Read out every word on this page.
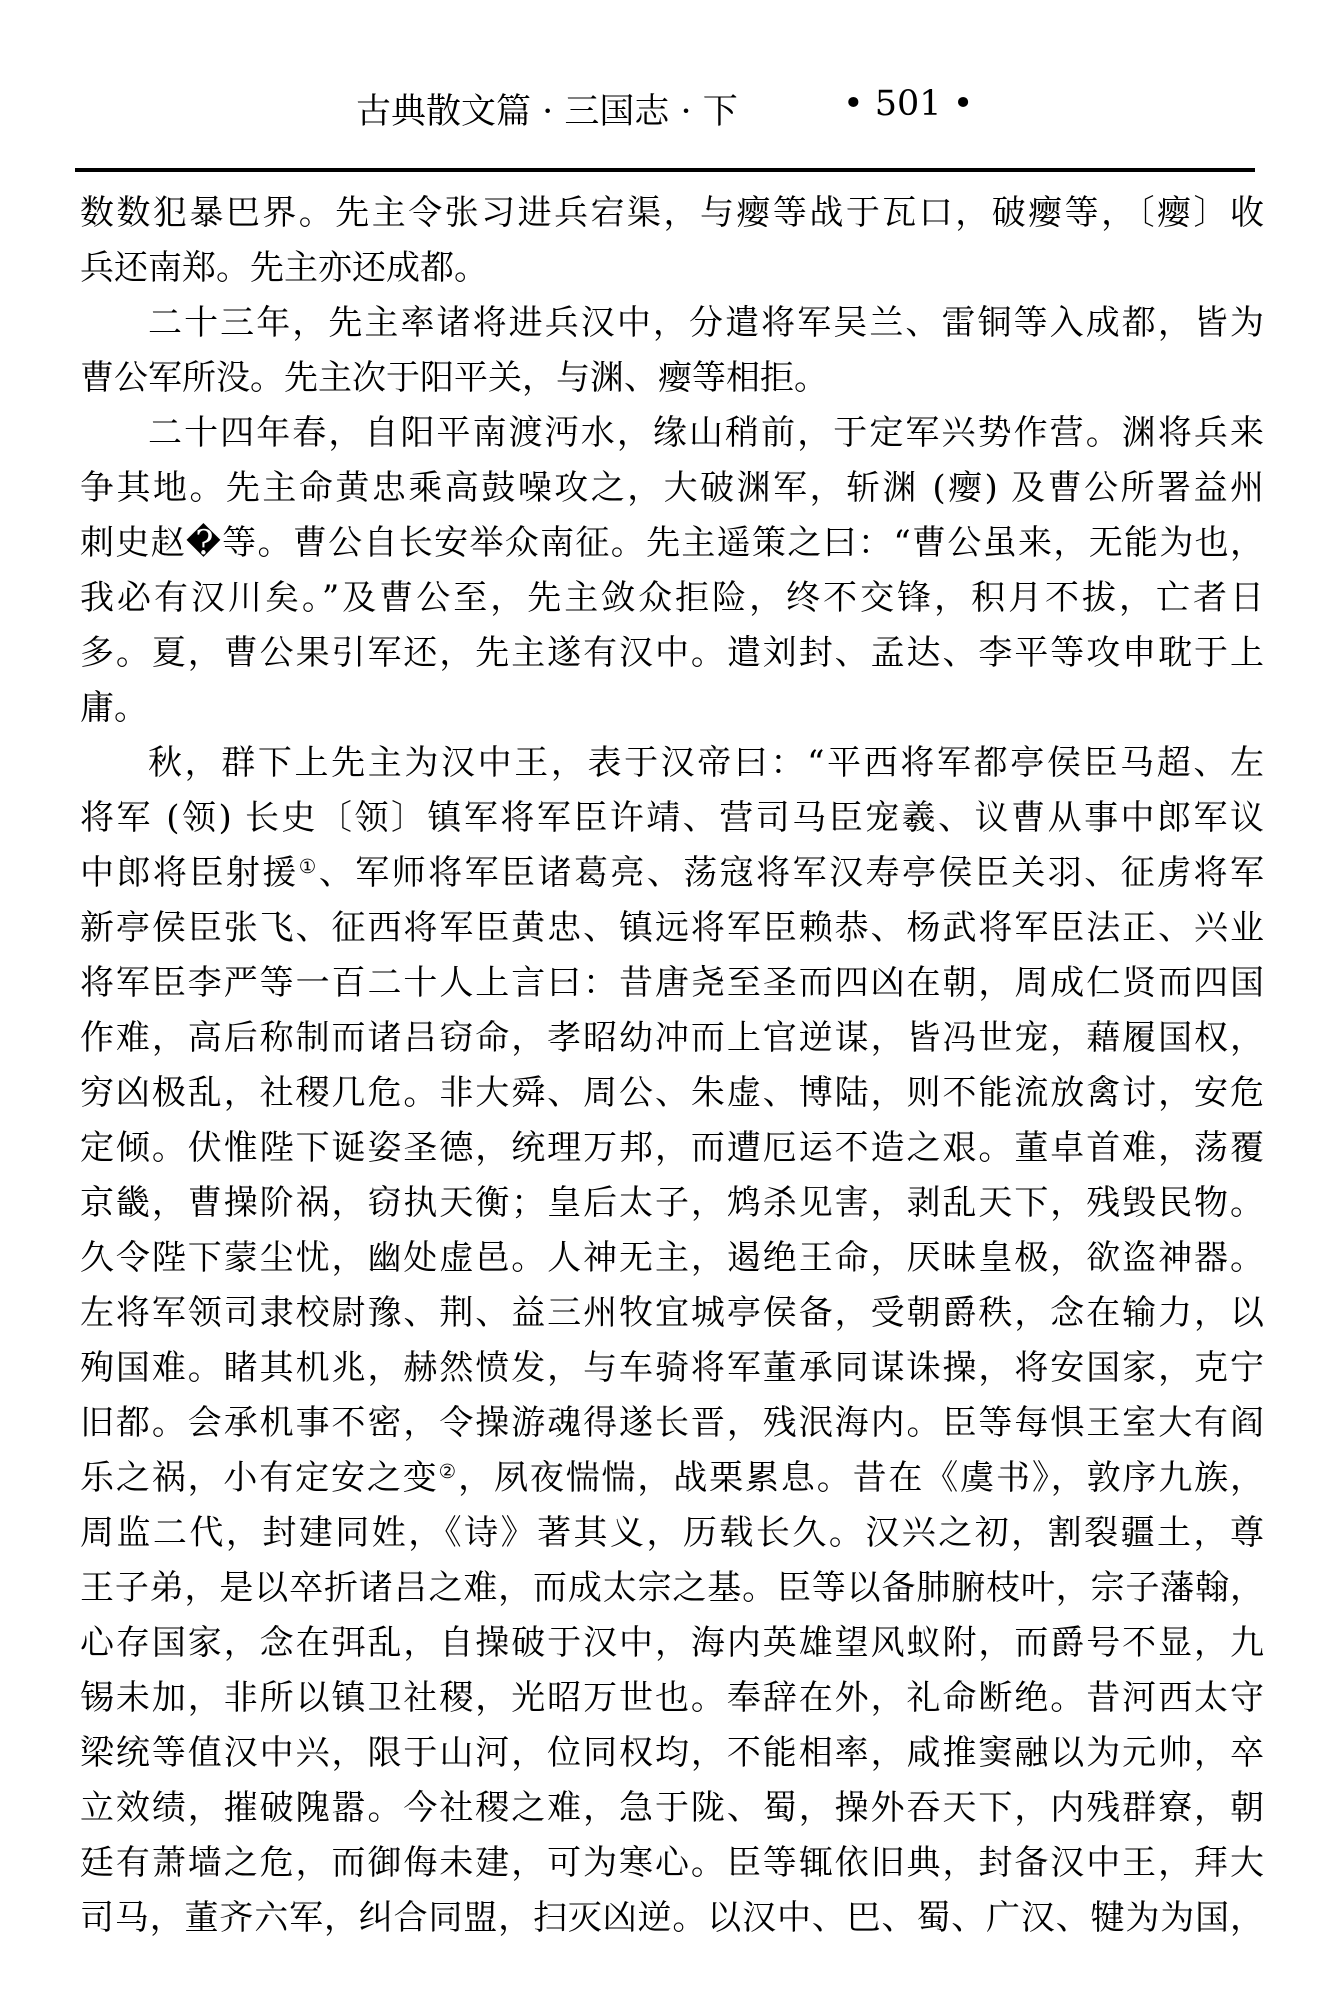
古典散文篇 · 三国志 · 下	• 501 •
数数犯暴巴界。先主令张习进兵宕渠，与瘿等战于瓦口，破瘿等，〔瘿〕收
兵还南郑。先主亦还成都。
二十三年，先主率诸将进兵汉中，分遣将军吴兰、雷铜等入成都，皆为
曹公军所没。先主次于阳平关，与渊、瘿等相拒。
二十四年春，自阳平南渡沔水，缘山稍前，于定军兴势作营。渊将兵来
争其地。先主命黄忠乘高鼓噪攻之，大破渊军，斩渊 (瘿) 及曹公所署益州
刺史赵�等。曹公自长安举众南征。先主遥策之曰：“曹公虽来，无能为也，
我必有汉川矣。”及曹公至，先主敛众拒险，终不交锋，积月不拔，亡者日
多。夏，曹公果引军还，先主遂有汉中。遣刘封、孟达、李平等攻申耽于上
庸。
秋，群下上先主为汉中王，表于汉帝曰：“平西将军都亭侯臣马超、左
将军 (领) 长史〔领〕镇军将军臣许靖、营司马臣宠羲、议曹从事中郎军议
中郎将臣射援①、军师将军臣诸葛亮、荡寇将军汉寿亭侯臣关羽、征虏将军
新亭侯臣张飞、征西将军臣黄忠、镇远将军臣赖恭、杨武将军臣法正、兴业
将军臣李严等一百二十人上言曰：昔唐尧至圣而四凶在朝，周成仁贤而四国
作难，高后称制而诸吕窃命，孝昭幼冲而上官逆谋，皆冯世宠，藉履国权，
穷凶极乱，社稷几危。非大舜、周公、朱虚、博陆，则不能流放禽讨，安危
定倾。伏惟陛下诞姿圣德，统理万邦，而遭厄运不造之艰。董卓首难，荡覆
京畿，曹操阶祸，窃执天衡；皇后太子，鸩杀见害，剥乱天下，残毁民物。
久令陛下蒙尘忧，幽处虚邑。人神无主，遏绝王命，厌昧皇极，欲盗神器。
左将军领司隶校尉豫、荆、益三州牧宜城亭侯备，受朝爵秩，念在输力，以
殉国难。睹其机兆，赫然愤发，与车骑将军董承同谋诛操，将安国家，克宁
旧都。会承机事不密，令操游魂得遂长晋，残泯海内。臣等每惧王室大有阎
乐之祸，小有定安之变②，夙夜惴惴，战栗累息。昔在《虞书》，敦序九族，
周监二代，封建同姓，《诗》著其义，历载长久。汉兴之初，割裂疆土，尊
王子弟，是以卒折诸吕之难，而成太宗之基。臣等以备肺腑枝叶，宗子藩翰，
心存国家，念在弭乱，自操破于汉中，海内英雄望风蚁附，而爵号不显，九
锡未加，非所以镇卫社稷，光昭万世也。奉辞在外，礼命断绝。昔河西太守
梁统等值汉中兴，限于山河，位同权均，不能相率，咸推窦融以为元帅，卒
立效绩，摧破隗嚣。今社稷之难，急于陇、蜀，操外吞天下，内残群寮，朝
廷有萧墙之危，而御侮未建，可为寒心。臣等辄依旧典，封备汉中王，拜大
司马，董齐六军，纠合同盟，扫灭凶逆。以汉中、巴、蜀、广汉、犍为为国，
